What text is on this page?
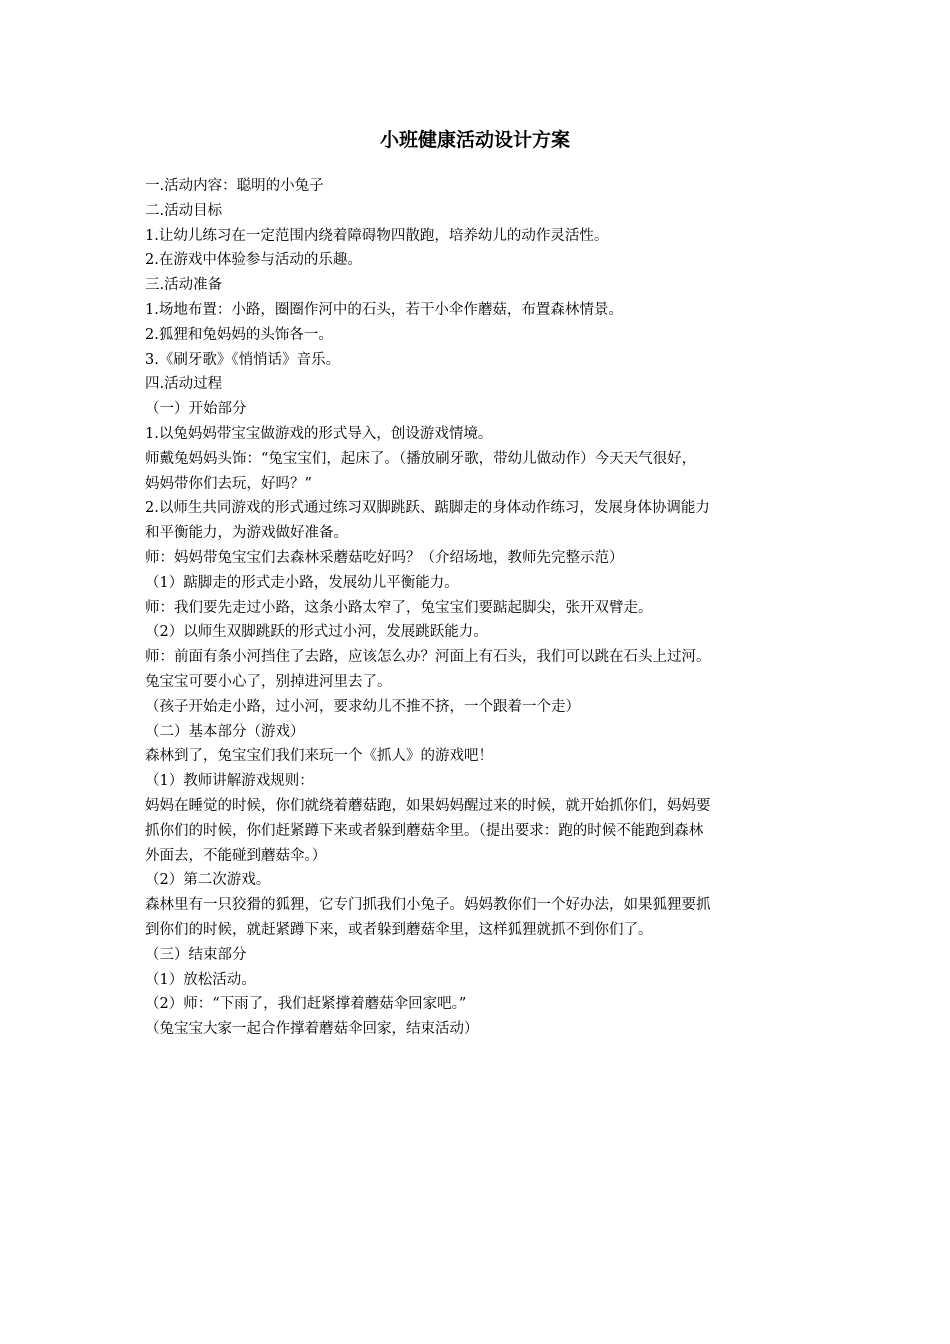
小班健康活动设计方案

一.活动内容：聪明的小兔子

二.活动目标

1.让幼儿练习在一定范围内绕着障碍物四散跑，培养幼儿的动作灵活性。

2.在游戏中体验参与活动的乐趣。

三.活动准备

1.场地布置：小路，圈圈作河中的石头，若干小伞作蘑菇，布置森林情景。

2.狐狸和兔妈妈的头饰各一。

3.《刷牙歌》《悄悄话》音乐。

四.活动过程

（一）开始部分

1.以兔妈妈带宝宝做游戏的形式导入，创设游戏情境。

师戴兔妈妈头饰：“兔宝宝们，起床了。（播放刷牙歌，带幼儿做动作）今天天气很好，

妈妈带你们去玩，好吗？”

2.以师生共同游戏的形式通过练习双脚跳跃、踮脚走的身体动作练习，发展身体协调能力

和平衡能力，为游戏做好准备。

师：妈妈带兔宝宝们去森林采蘑菇吃好吗？（介绍场地，教师先完整示范）

（1）踮脚走的形式走小路，发展幼儿平衡能力。

师：我们要先走过小路，这条小路太窄了，兔宝宝们要踮起脚尖，张开双臂走。

（2）以师生双脚跳跃的形式过小河，发展跳跃能力。

师：前面有条小河挡住了去路，应该怎么办？河面上有石头，我们可以跳在石头上过河。

兔宝宝可要小心了，别掉进河里去了。

（孩子开始走小路，过小河，要求幼儿不推不挤，一个跟着一个走）

（二）基本部分（游戏）

森林到了，兔宝宝们我们来玩一个《抓人》的游戏吧！

（1）教师讲解游戏规则：

妈妈在睡觉的时候，你们就绕着蘑菇跑，如果妈妈醒过来的时候，就开始抓你们，妈妈要

抓你们的时候，你们赶紧蹲下来或者躲到蘑菇伞里。（提出要求：跑的时候不能跑到森林

外面去，不能碰到蘑菇伞。）

（2）第二次游戏。

森林里有一只狡猾的狐狸，它专门抓我们小兔子。妈妈教你们一个好办法，如果狐狸要抓

到你们的时候，就赶紧蹲下来，或者躲到蘑菇伞里，这样狐狸就抓不到你们了。

（三）结束部分

（1）放松活动。

（2）师：“下雨了，我们赶紧撑着蘑菇伞回家吧。”

（兔宝宝大家一起合作撑着蘑菇伞回家，结束活动）
